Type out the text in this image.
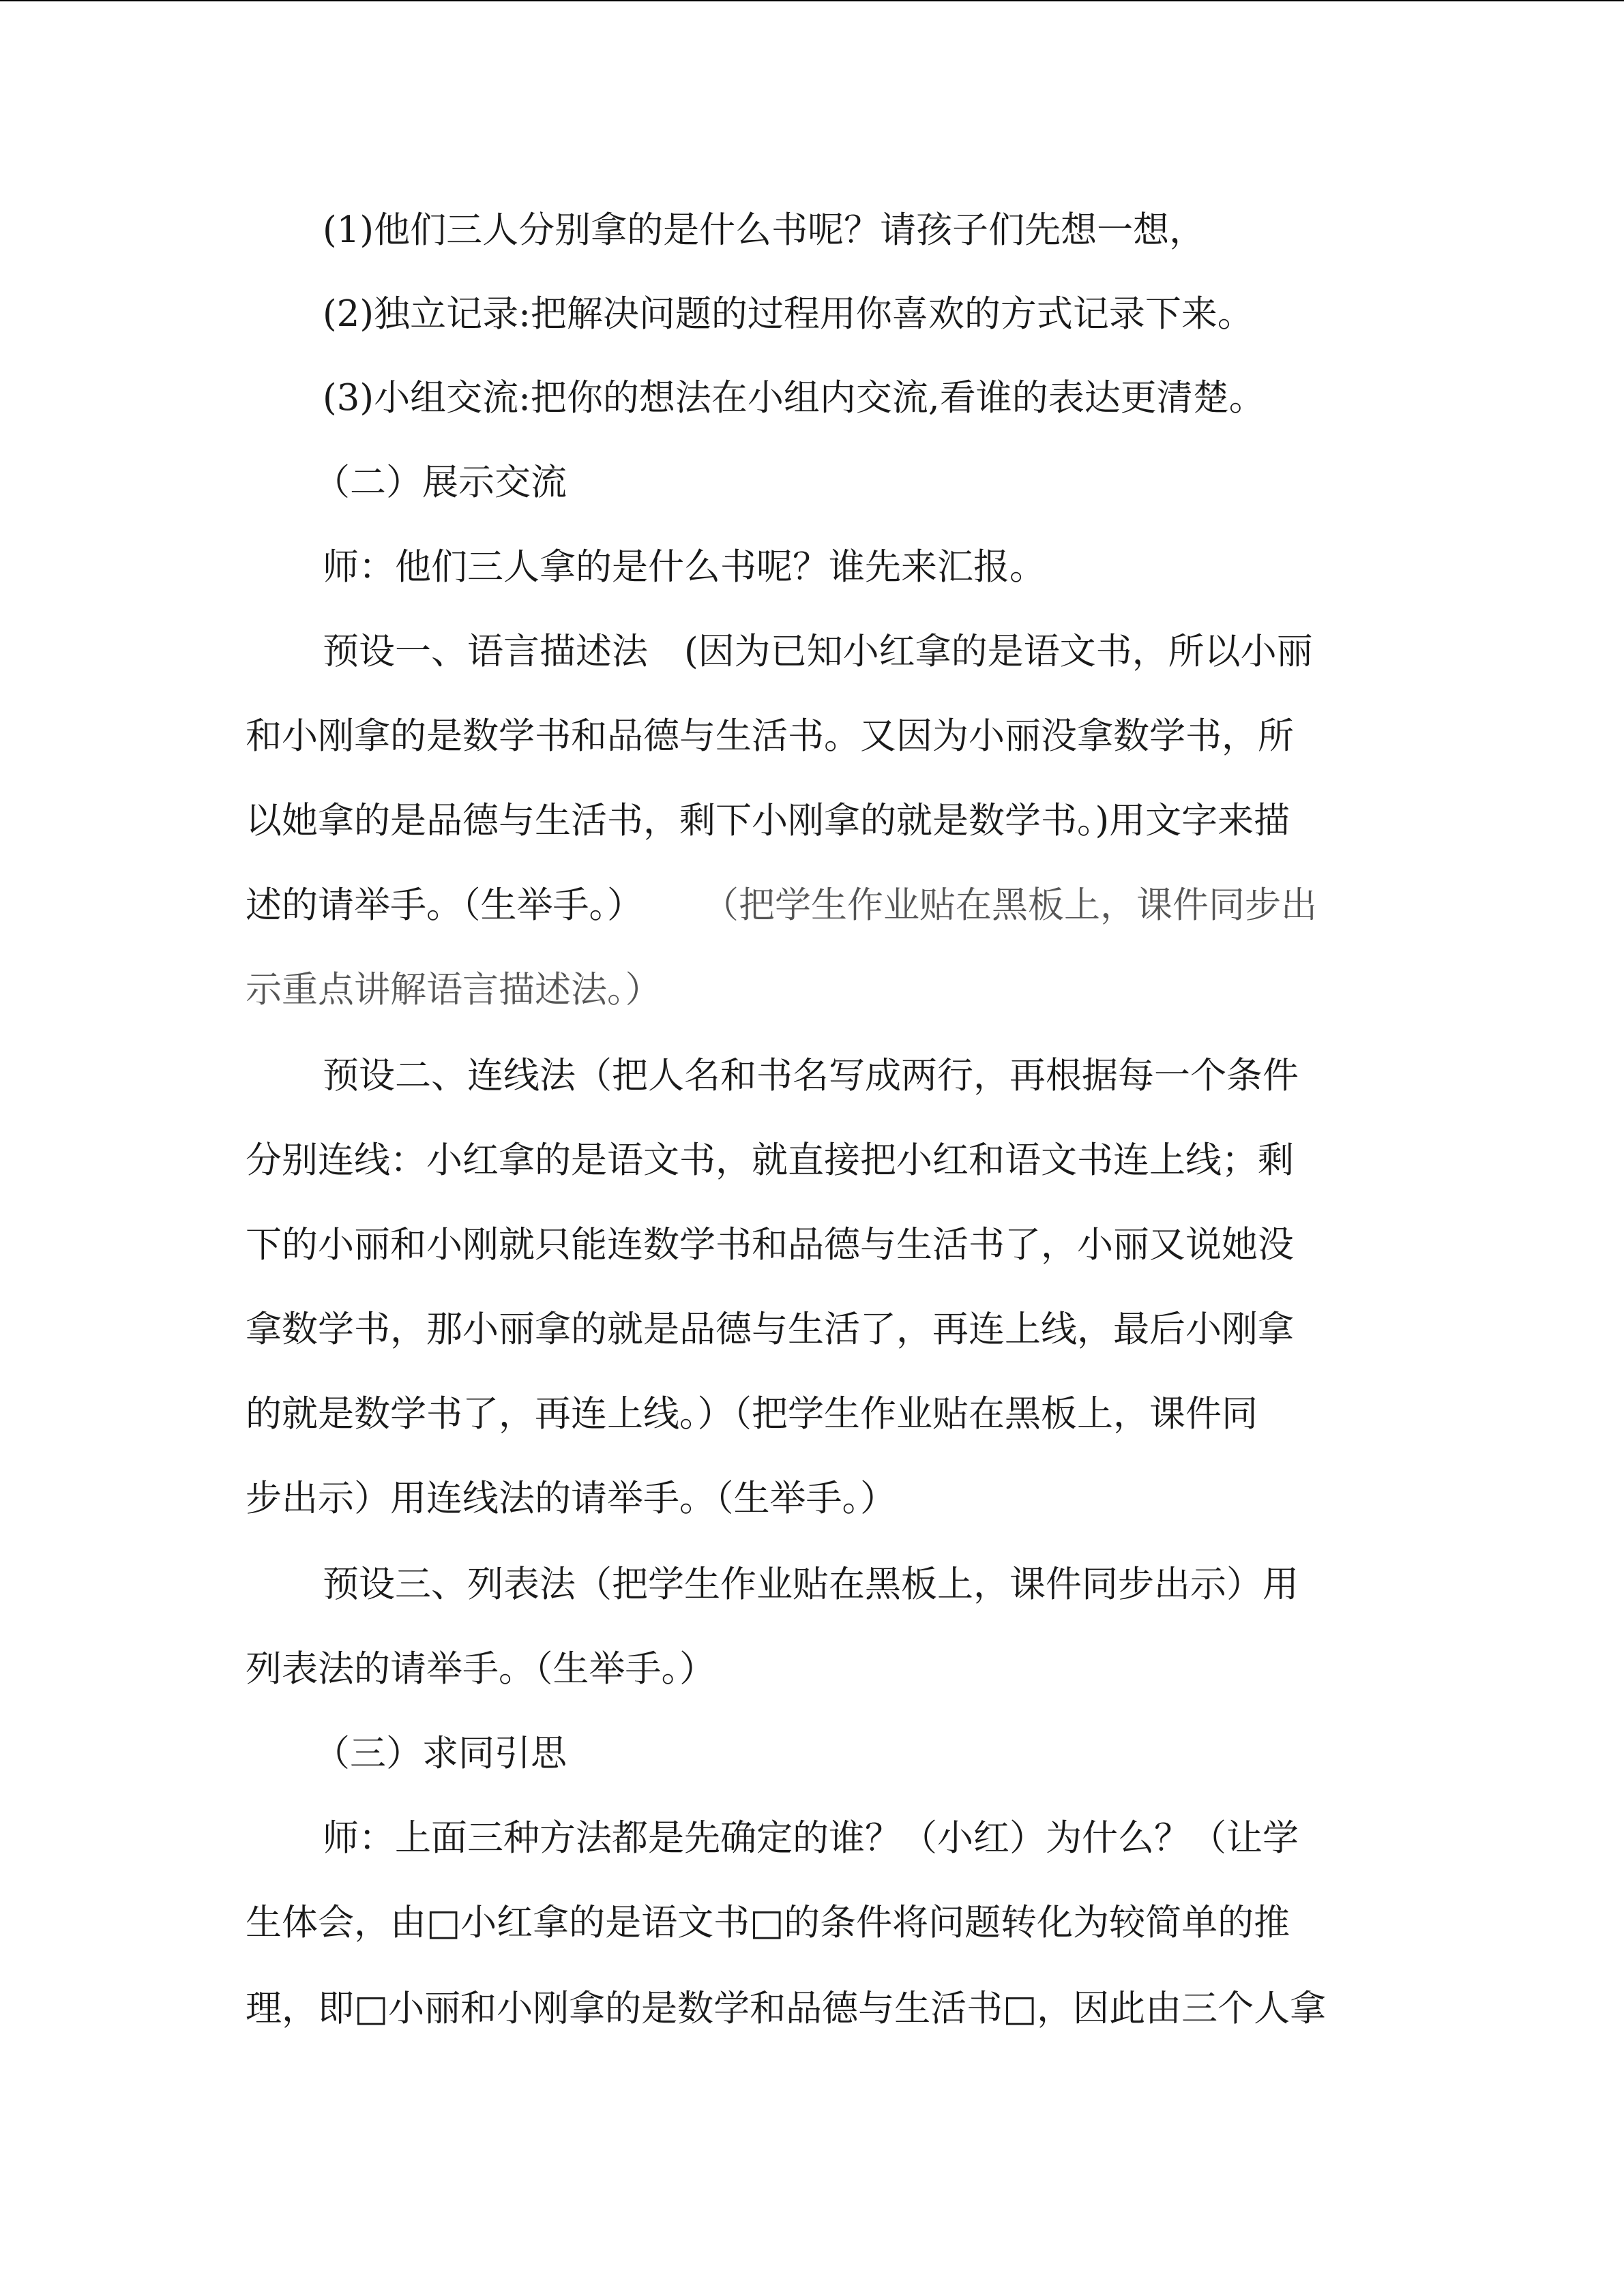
(1)他们三人分别拿的是什么书呢？请孩子们先想一想，
(2)独立记录:把解决问题的过程用你喜欢的方式记录下来。
(3)小组交流:把你的想法在小组内交流,看谁的表达更清楚。
（二）展示交流
师：他们三人拿的是什么书呢？谁先来汇报。
预设一、语言描述法　(因为已知小红拿的是语文书，所以小丽
和小刚拿的是数学书和品德与生活书。又因为小丽没拿数学书，所
以她拿的是品德与生活书，剩下小刚拿的就是数学书。)用文字来描
述的请举手。（生举手。） （把学生作业贴在黑板上，课件同步出
示重点讲解语言描述法。）
预设二、连线法（把人名和书名写成两行，再根据每一个条件
分别连线：小红拿的是语文书，就直接把小红和语文书连上线；剩
下的小丽和小刚就只能连数学书和品德与生活书了，小丽又说她没
拿数学书，那小丽拿的就是品德与生活了，再连上线，最后小刚拿
的就是数学书了，再连上线。）（把学生作业贴在黑板上，课件同
步出示）用连线法的请举手。（生举手。）
预设三、列表法（把学生作业贴在黑板上，课件同步出示）用
列表法的请举手。（生举手。）
（三）求同引思
师：上面三种方法都是先确定的谁？（小红）为什么？（让学
生体会，由□小红拿的是语文书□的条件将问题转化为较简单的推
理，即□小丽和小刚拿的是数学和品德与生活书□，因此由三个人拿
